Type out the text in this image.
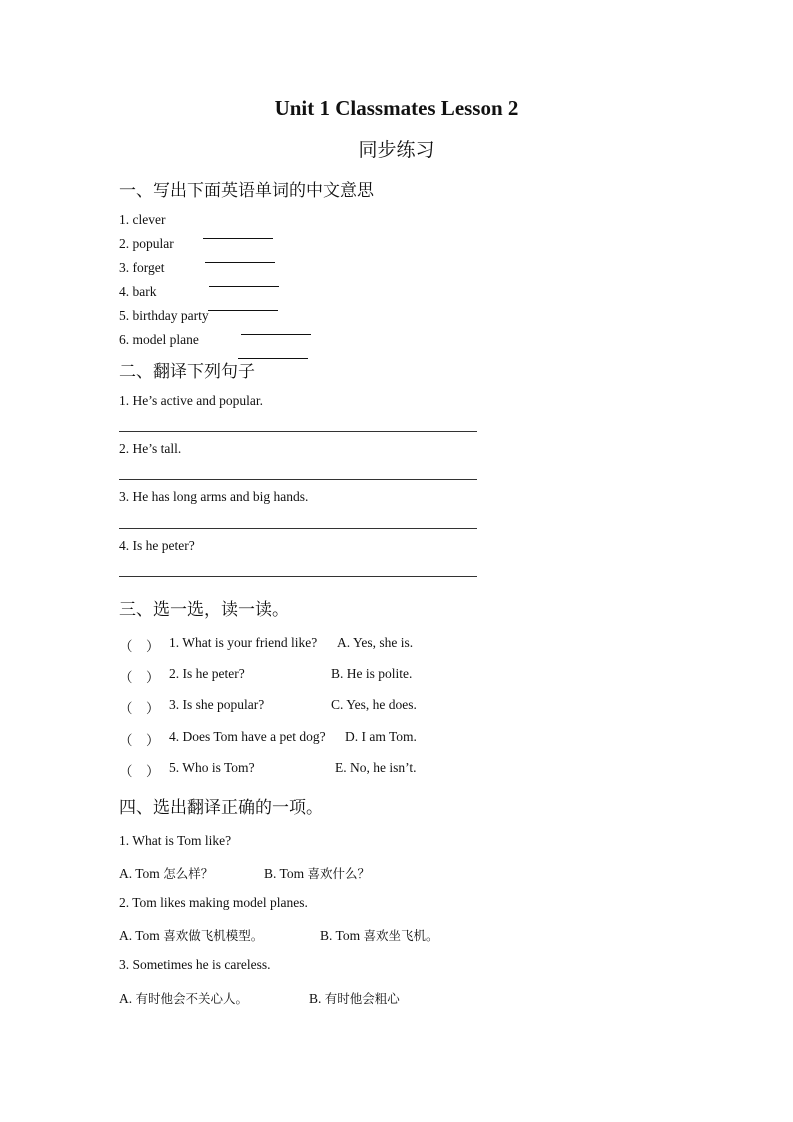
Unit 1 Classmates Lesson 2
同步练习
一、写出下面英语单词的中文意思
1. clever
2. popular
3. forget
4. bark
5. birthday party
6. model plane
二、翻译下列句子
1. He’s active and popular.
2. He’s tall.
3. He has long arms and big hands.
4. Is he peter?
三、选一选，读一读。
（　） 1. What is your friend like? A. Yes, she is.
（　） 2. Is he peter?	B. He is polite.
（　） 3. Is she popular?	C. Yes, he does.
（　） 4. Does Tom have a pet dog? D. I am Tom.
（　） 5. Who is Tom?	E. No, he isn’t.
四、选出翻译正确的一项。
1. What is Tom like?
A. Tom 怎么样？	B. Tom 喜欢什么？
2. Tom likes making model planes.
A. Tom 喜欢做飞机模型。	B. Tom 喜欢坐飞机。
3. Sometimes he is careless.
A. 有时他会不关心人。	B. 有时他会粗心
